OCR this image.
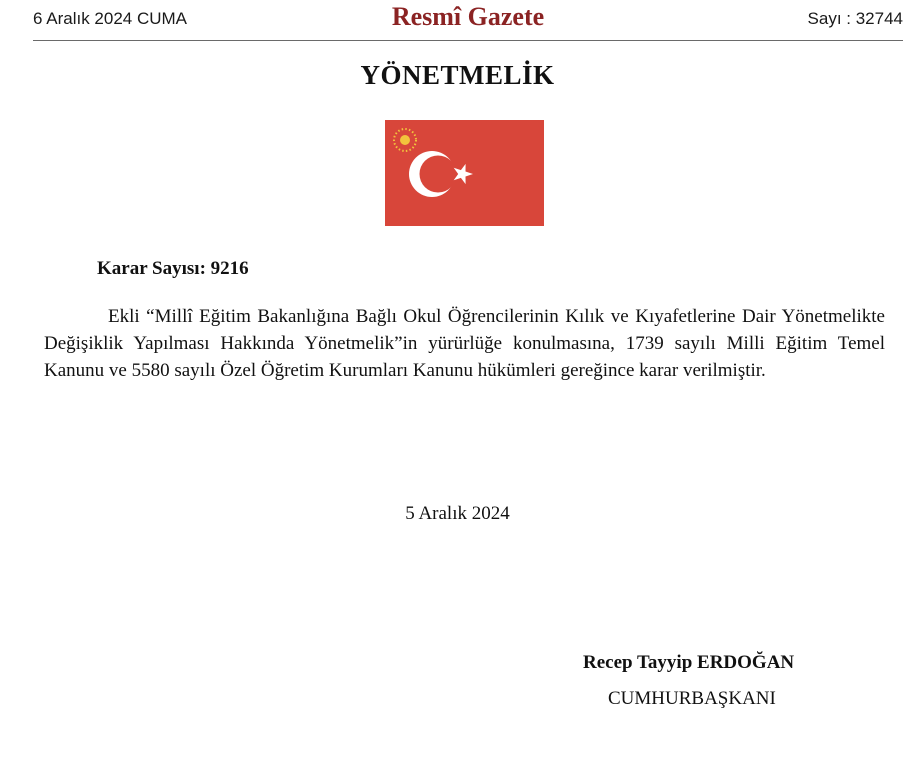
6 Aralık 2024 CUMA	Resmî Gazete	Sayı : 32744
YÖNETMELİK
Karar Sayısı: 9216
Ekli “Millî Eğitim Bakanlığına Bağlı Okul Öğrencilerinin Kılık ve Kıyafetlerine Dair Yönetmelikte Değişiklik Yapılması Hakkında Yönetmelik”in yürürlüğe konulmasına, 1739 sayılı Milli Eğitim Temel Kanunu ve 5580 sayılı Özel Öğretim Kurumları Kanunu hükümleri gereğince karar verilmiştir.
5 Aralık 2024
Recep Tayyip ERDOĞAN
CUMHURBAŞKANI
